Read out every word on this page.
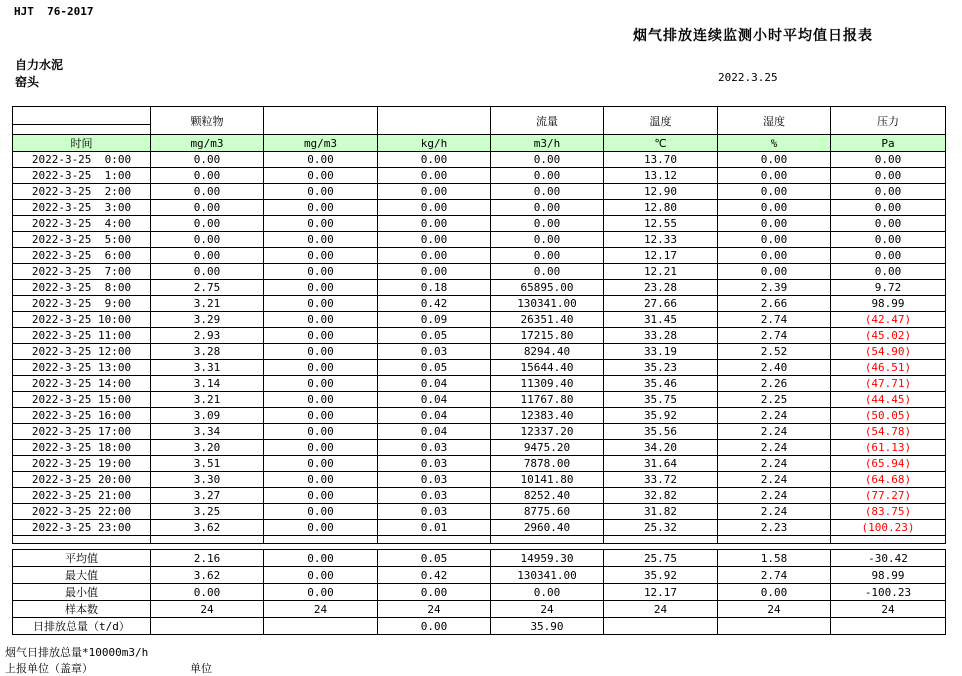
HJT  76-2017
烟气排放连续监测小时平均值日报表
自力水泥
窑头	2022.3.25
	颗粒物			流量	温度	湿度	压力

时间	mg/m3	mg/m3	kg/h	m3/h	℃	%	Pa
2022-3-25  0:00	0.00	0.00	0.00	0.00	13.70	0.00	0.00
2022-3-25  1:00	0.00	0.00	0.00	0.00	13.12	0.00	0.00
2022-3-25  2:00	0.00	0.00	0.00	0.00	12.90	0.00	0.00
2022-3-25  3:00	0.00	0.00	0.00	0.00	12.80	0.00	0.00
2022-3-25  4:00	0.00	0.00	0.00	0.00	12.55	0.00	0.00
2022-3-25  5:00	0.00	0.00	0.00	0.00	12.33	0.00	0.00
2022-3-25  6:00	0.00	0.00	0.00	0.00	12.17	0.00	0.00
2022-3-25  7:00	0.00	0.00	0.00	0.00	12.21	0.00	0.00
2022-3-25  8:00	2.75	0.00	0.18	65895.00	23.28	2.39	9.72
2022-3-25  9:00	3.21	0.00	0.42	130341.00	27.66	2.66	98.99
2022-3-25 10:00	3.29	0.00	0.09	26351.40	31.45	2.74	(42.47)
2022-3-25 11:00	2.93	0.00	0.05	17215.80	33.28	2.74	(45.02)
2022-3-25 12:00	3.28	0.00	0.03	8294.40	33.19	2.52	(54.90)
2022-3-25 13:00	3.31	0.00	0.05	15644.40	35.23	2.40	(46.51)
2022-3-25 14:00	3.14	0.00	0.04	11309.40	35.46	2.26	(47.71)
2022-3-25 15:00	3.21	0.00	0.04	11767.80	35.75	2.25	(44.45)
2022-3-25 16:00	3.09	0.00	0.04	12383.40	35.92	2.24	(50.05)
2022-3-25 17:00	3.34	0.00	0.04	12337.20	35.56	2.24	(54.78)
2022-3-25 18:00	3.20	0.00	0.03	9475.20	34.20	2.24	(61.13)
2022-3-25 19:00	3.51	0.00	0.03	7878.00	31.64	2.24	(65.94)
2022-3-25 20:00	3.30	0.00	0.03	10141.80	33.72	2.24	(64.68)
2022-3-25 21:00	3.27	0.00	0.03	8252.40	32.82	2.24	(77.27)
2022-3-25 22:00	3.25	0.00	0.03	8775.60	31.82	2.24	(83.75)
2022-3-25 23:00	3.62	0.00	0.01	2960.40	25.32	2.23	(100.23)

平均值	2.16	0.00	0.05	14959.30	25.75	1.58	-30.42
最大值	3.62	0.00	0.42	130341.00	35.92	2.74	98.99
最小值	0.00	0.00	0.00	0.00	12.17	0.00	-100.23
样本数	24	24	24	24	24	24	24
日排放总量（t/d）			0.00	35.90			
烟气日排放总量*10000m3/h
上报单位（盖章）	单位
